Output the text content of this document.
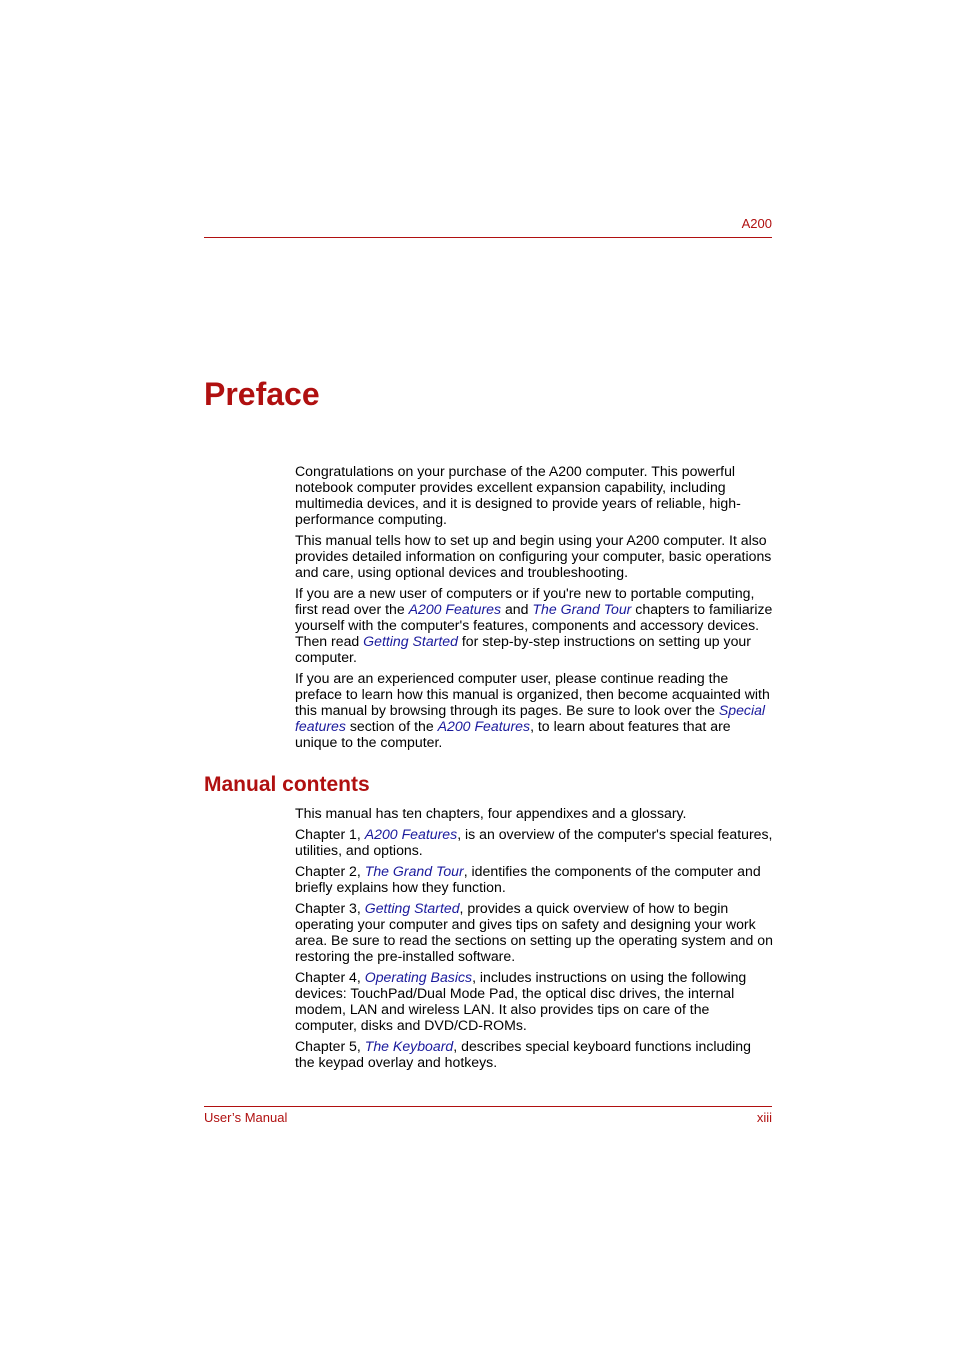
A200
Preface

Congratulations on your purchase of the A200 computer. This powerful notebook computer provides excellent expansion capability, including multimedia devices, and it is designed to provide years of reliable, high-performance computing.

This manual tells how to set up and begin using your A200 computer. It also provides detailed information on configuring your computer, basic operations and care, using optional devices and troubleshooting.

If you are a new user of computers or if you're new to portable computing, first read over the A200 Features and The Grand Tour chapters to familiarize yourself with the computer's features, components and accessory devices. Then read Getting Started for step-by-step instructions on setting up your computer.

If you are an experienced computer user, please continue reading the preface to learn how this manual is organized, then become acquainted with this manual by browsing through its pages. Be sure to look over the Special features section of the A200 Features, to learn about features that are unique to the computer.

Manual contents

This manual has ten chapters, four appendixes and a glossary.

Chapter 1, A200 Features, is an overview of the computer's special features, utilities, and options.

Chapter 2, The Grand Tour, identifies the components of the computer and briefly explains how they function.

Chapter 3, Getting Started, provides a quick overview of how to begin operating your computer and gives tips on safety and designing your work area. Be sure to read the sections on setting up the operating system and on restoring the pre-installed software.

Chapter 4, Operating Basics, includes instructions on using the following devices: TouchPad/Dual Mode Pad, the optical disc drives, the internal modem, LAN and wireless LAN. It also provides tips on care of the computer, disks and DVD/CD-ROMs.

Chapter 5, The Keyboard, describes special keyboard functions including the keypad overlay and hotkeys.

User’s Manual	xiii
